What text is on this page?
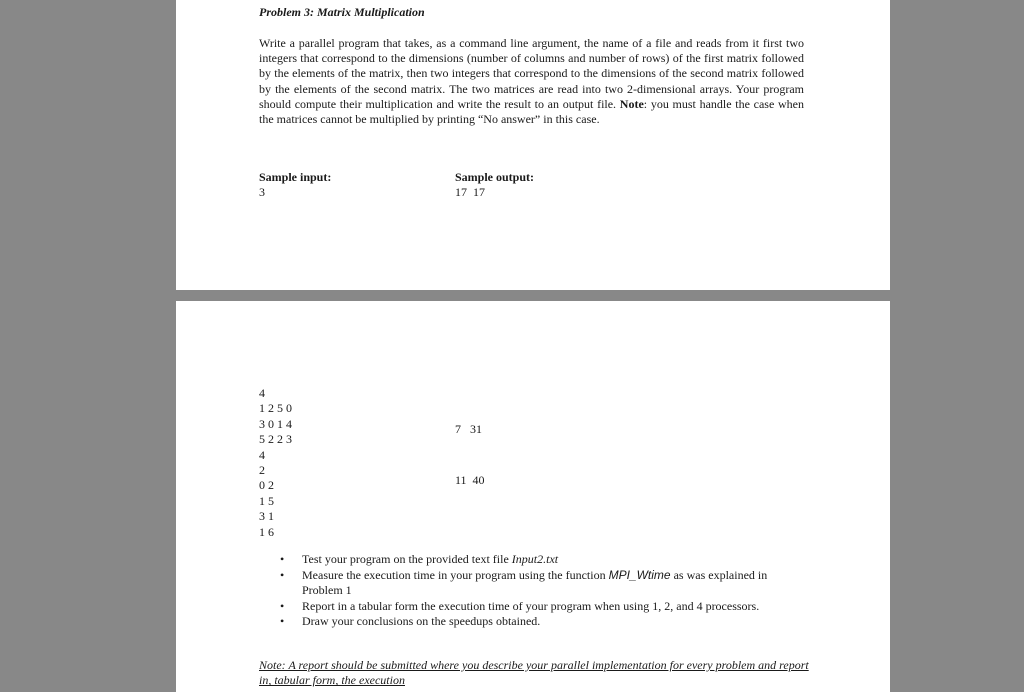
Problem 3: Matrix Multiplication
Write a parallel program that takes, as a command line argument, the name of a file and reads from it first two integers that correspond to the dimensions (number of columns and number of rows) of the first matrix followed by the elements of the matrix, then two integers that correspond to the dimensions of the second matrix followed by the elements of the second matrix. The two matrices are read into two 2-dimensional arrays. Your program should compute their multiplication and write the result to an output file. Note: you must handle the case when the matrices cannot be multiplied by printing “No answer” in this case.
Sample input:
3
Sample output:
17  17
4
1 2 5 0
3 0 1 4
5 2 2 3
4
2
0 2
1 5
3 1
1 6

7   31

11  40

• Test your program on the provided text file Input2.txt
• Measure the execution time in your program using the function MPI_Wtime as was explained in Problem 1
• Report in a tabular form the execution time of your program when using 1, 2, and 4 processors.
• Draw your conclusions on the speedups obtained.
Note: A report should be submitted where you describe your parallel implementation for every problem and report in, tabular form, the execution
